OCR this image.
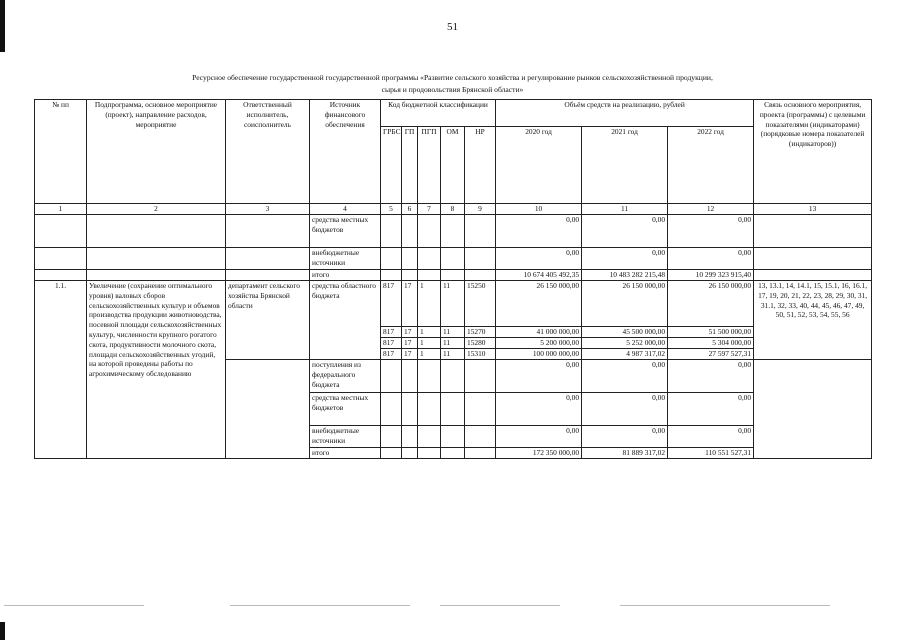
51
Ресурсное обеспечение государственной государственной программы «Развитие сельского хозяйства и регулирование рынков сельскохозяйственной продукции,
сырья и продовольствия Брянской области»
№ пп	Подпрограмма, основное мероприятие (проект), направление расходов, мероприятие	Ответственный исполнитель, соисполнитель	Источник финансового обеспечения	Код бюджетной классификации					Объём средств на реализацию, рублей			Связь основного мероприятия, проекта (программы) с целевыми показателями (индикаторами) (порядковые номера показателей (индикаторов))
				ГРБС	ГП	ПГП	ОМ	НР	2020 год	2021 год	2022 год	
1	2	3	4	5	6	7	8	9	10	11	12	13
			средства местных бюджетов						0,00	0,00	0,00	
			внебюджетные источники						0,00	0,00	0,00	
			итого						10 674 405 492,35	10 483 282 215,48	10 299 323 915,40	
1.1.	Увеличение (сохранение оптимального уровня) валовых сборов сельскохозяйственных культур и объемов производства продукции животноводства, посевной площади сельскохозяйственных культур, численности крупного рогатого скота, продуктивности молочного скота, площади сельскохозяйственных угодий, на которой проведены работы по агрохимическому обследованию	департамент сельского хозяйства Брянской области	средства областного бюджета	817	17	1	11	15250	26 150 000,00	26 150 000,00	26 150 000,00	13, 13.1, 14, 14.1, 15, 15.1, 16, 16.1, 17, 19, 20, 21, 22, 23, 28, 29, 30, 31, 31.1, 32, 33, 40, 44, 45, 46, 47, 49, 50, 51, 52, 53, 54, 55, 56
				817	17	1	11	15270	41 000 000,00	45 500 000,00	51 500 000,00	
				817	17	1	11	15280	5 200 000,00	5 252 000,00	5 304 000,00	
				817	17	1	11	15310	100 000 000,00	4 987 317,02	27 597 527,31	
			поступления из федерального бюджета						0,00	0,00	0,00	
			средства местных бюджетов						0,00	0,00	0,00	
			внебюджетные источники						0,00	0,00	0,00	
			итого						172 350 000,00	81 889 317,02	110 551 527,31	
